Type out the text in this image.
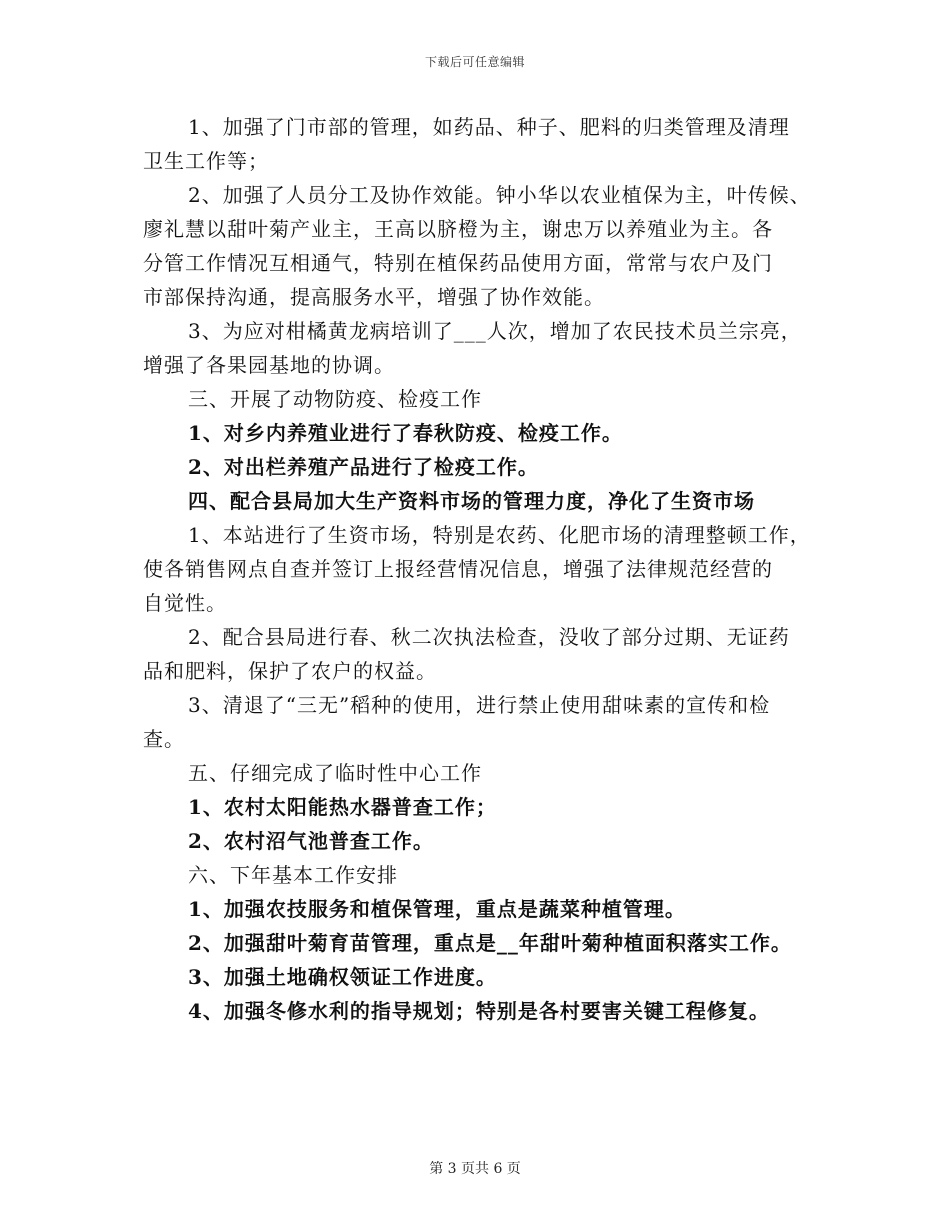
下载后可任意编辑
1、加强了门市部的管理，如药品、种子、肥料的归类管理及清理
卫生工作等；
2、加强了人员分工及协作效能。钟小华以农业植保为主，叶传候、
廖礼慧以甜叶菊产业主，王高以脐橙为主，谢忠万以养殖业为主。各
分管工作情况互相通气，特别在植保药品使用方面，常常与农户及门
市部保持沟通，提高服务水平，增强了协作效能。
3、为应对柑橘黄龙病培训了___人次，增加了农民技术员兰宗亮，
增强了各果园基地的协调。
三、开展了动物防疫、检疫工作
1、对乡内养殖业进行了春秋防疫、检疫工作。
2、对出栏养殖产品进行了检疫工作。
四、配合县局加大生产资料市场的管理力度，净化了生资市场
1、本站进行了生资市场，特别是农药、化肥市场的清理整顿工作，
使各销售网点自查并签订上报经营情况信息，增强了法律规范经营的
自觉性。
2、配合县局进行春、秋二次执法检查，没收了部分过期、无证药
品和肥料，保护了农户的权益。
3、清退了“三无”稻种的使用，进行禁止使用甜味素的宣传和检
查。
五、仔细完成了临时性中心工作
1、农村太阳能热水器普查工作；
2、农村沼气池普查工作。
六、下年基本工作安排
1、加强农技服务和植保管理，重点是蔬菜种植管理。
2、加强甜叶菊育苗管理，重点是__年甜叶菊种植面积落实工作。
3、加强土地确权领证工作进度。
4、加强冬修水利的指导规划；特别是各村要害关键工程修复。
第 3 页共 6 页
